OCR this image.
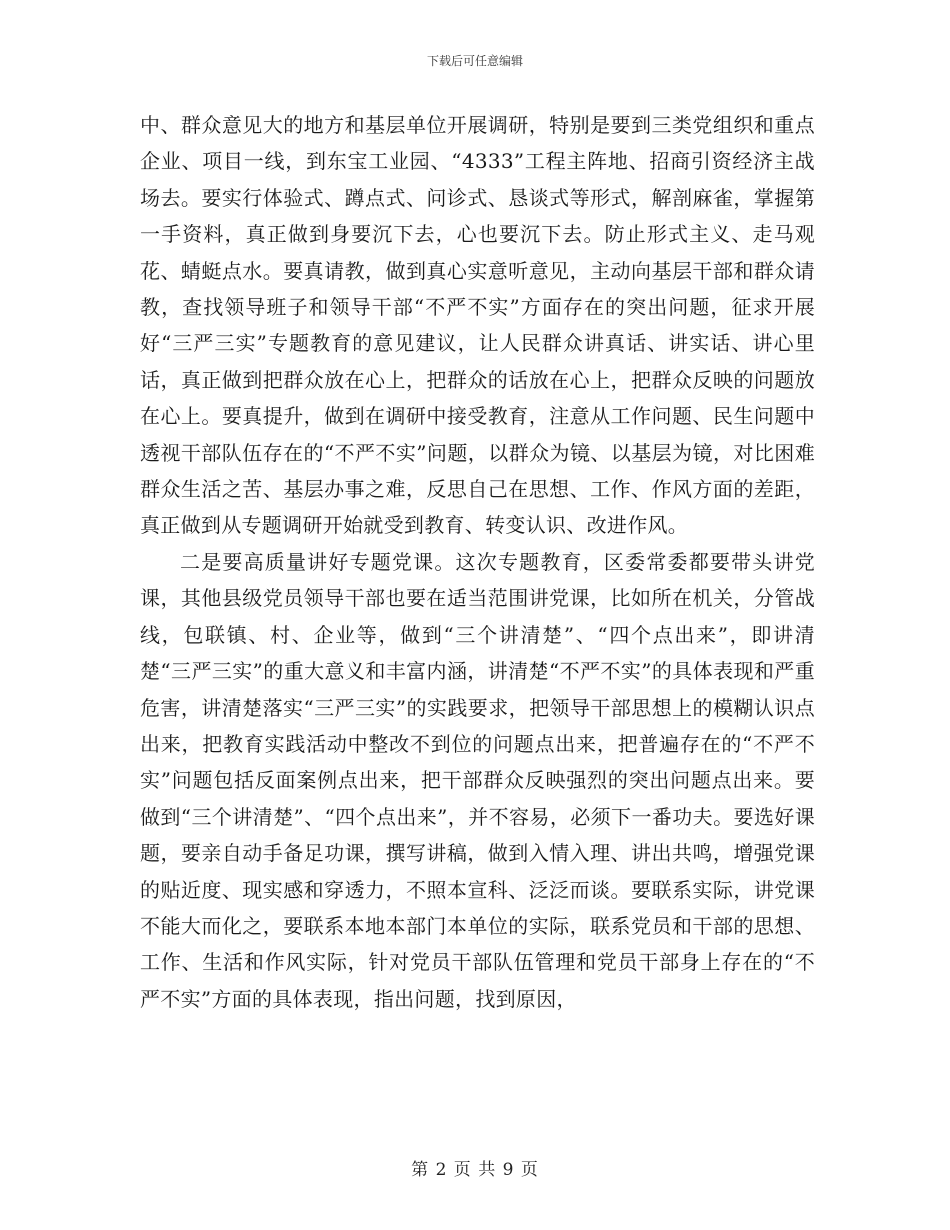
下载后可任意编辑

中、群众意见大的地方和基层单位开展调研，特别是要到三类党组织和重点企业、项目一线，到东宝工业园、“4333”工程主阵地、招商引资经济主战场去。要实行体验式、蹲点式、问诊式、恳谈式等形式，解剖麻雀，掌握第一手资料，真正做到身要沉下去，心也要沉下去。防止形式主义、走马观花、蜻蜓点水。要真请教，做到真心实意听意见，主动向基层干部和群众请教，查找领导班子和领导干部“不严不实”方面存在的突出问题，征求开展好“三严三实”专题教育的意见建议，让人民群众讲真话、讲实话、讲心里话，真正做到把群众放在心上，把群众的话放在心上，把群众反映的问题放在心上。要真提升，做到在调研中接受教育，注意从工作问题、民生问题中透视干部队伍存在的“不严不实”问题，以群众为镜、以基层为镜，对比困难群众生活之苦、基层办事之难，反思自己在思想、工作、作风方面的差距，真正做到从专题调研开始就受到教育、转变认识、改进作风。

二是要高质量讲好专题党课。这次专题教育，区委常委都要带头讲党课，其他县级党员领导干部也要在适当范围讲党课，比如所在机关，分管战线，包联镇、村、企业等，做到“三个讲清楚”、“四个点出来”，即讲清楚“三严三实”的重大意义和丰富内涵，讲清楚“不严不实”的具体表现和严重危害，讲清楚落实“三严三实”的实践要求，把领导干部思想上的模糊认识点出来，把教育实践活动中整改不到位的问题点出来，把普遍存在的“不严不实”问题包括反面案例点出来，把干部群众反映强烈的突出问题点出来。要做到“三个讲清楚”、“四个点出来”，并不容易，必须下一番功夫。要选好课题，要亲自动手备足功课，撰写讲稿，做到入情入理、讲出共鸣，增强党课的贴近度、现实感和穿透力，不照本宣科、泛泛而谈。要联系实际，讲党课不能大而化之，要联系本地本部门本单位的实际，联系党员和干部的思想、工作、生活和作风实际，针对党员干部队伍管理和党员干部身上存在的“不严不实”方面的具体表现，指出问题，找到原因，

第 2 页 共 9 页
